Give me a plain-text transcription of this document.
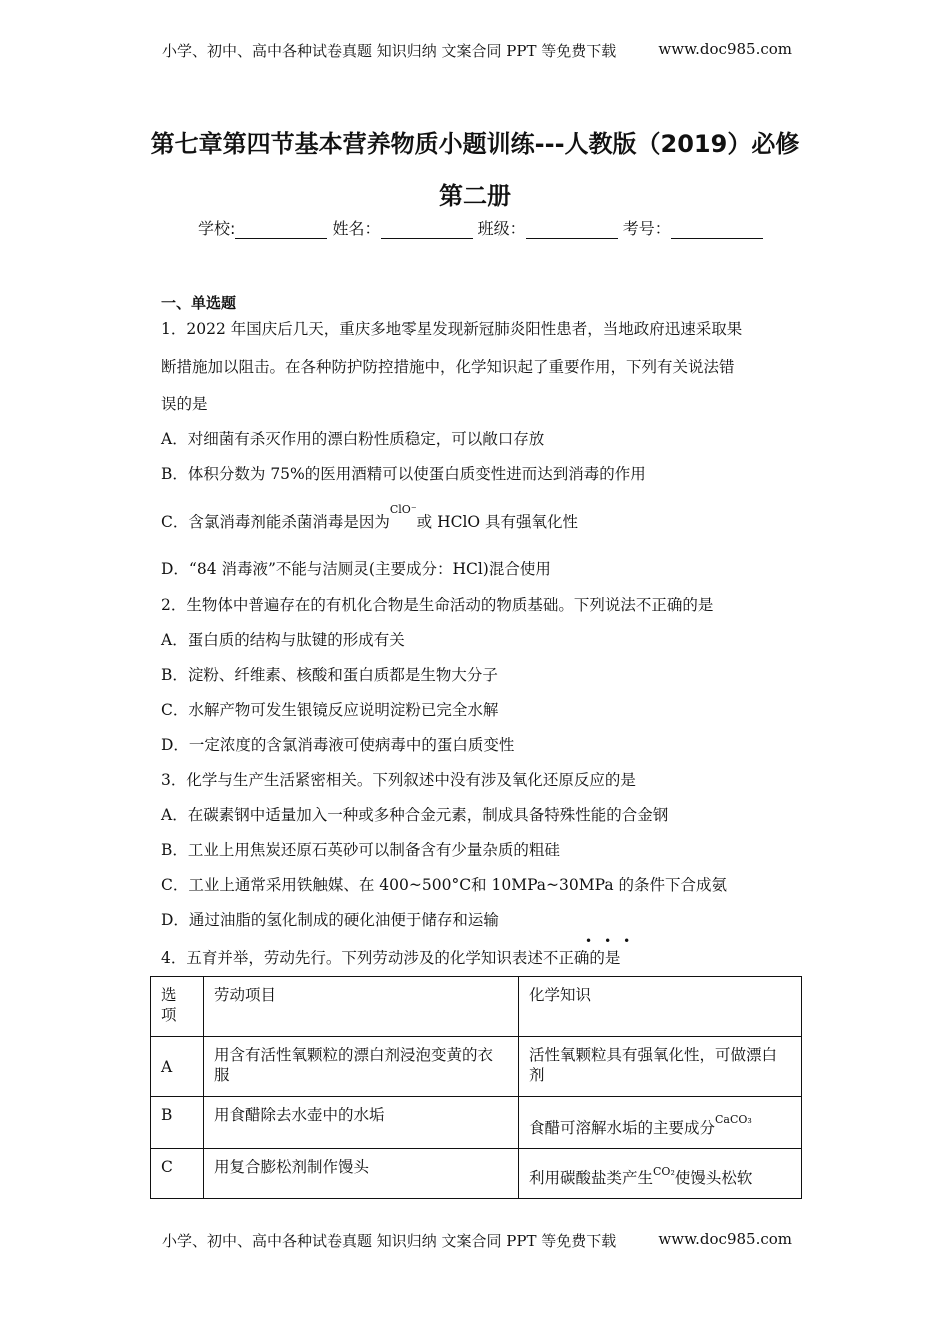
小学、初中、高中各种试卷真题 知识归纳 文案合同 PPT 等免费下载	www.doc985.com
第七章第四节基本营养物质小题训练---人教版（2019）必修
第二册
学校:	姓名：	班级：	考号：
一、单选题
1．2022 年国庆后几天，重庆多地零星发现新冠肺炎阳性患者，当地政府迅速采取果
断措施加以阻击。在各种防护防控措施中，化学知识起了重要作用，下列有关说法错
误的是
A．对细菌有杀灭作用的漂白粉性质稳定，可以敞口存放
B．体积分数为 75%的医用酒精可以使蛋白质变性进而达到消毒的作用
C．含氯消毒剂能杀菌消毒是因为$^{ClO^-}$或 HClO 具有强氧化性
D．“84 消毒液”不能与洁厕灵(主要成分：HCl)混合使用
2．生物体中普遍存在的有机化合物是生命活动的物质基础。下列说法不正确的是
A．蛋白质的结构与肽键的形成有关
B．淀粉、纤维素、核酸和蛋白质都是生物大分子
C．水解产物可发生银镜反应说明淀粉已完全水解
D．一定浓度的含氯消毒液可使病毒中的蛋白质变性
3．化学与生产生活紧密相关。下列叙述中没有涉及氧化还原反应的是
A．在碳素钢中适量加入一种或多种合金元素，制成具备特殊性能的合金钢
B．工业上用焦炭还原石英砂可以制备含有少量杂质的粗硅
C．工业上通常采用铁触媒、在 400~500°C和 10MPa~30MPa 的条件下合成氨
D．通过油脂的氢化制成的硬化油便于储存和运输
•••
4．五育并举，劳动先行。下列劳动涉及的化学知识表述不正确的是
选
项	劳动项目	化学知识
A	用含有活性氧颗粒的漂白剂浸泡变黄的衣服	活性氧颗粒具有强氧化性，可做漂白剂
B	用食醋除去水壶中的水垢	食醋可溶解水垢的主要成分$^{CaCO_3}$
C	用复合膨松剂制作馒头	利用碳酸盐类产生$^{CO_2}$使馒头松软
小学、初中、高中各种试卷真题 知识归纳 文案合同 PPT 等免费下载	www.doc985.com
